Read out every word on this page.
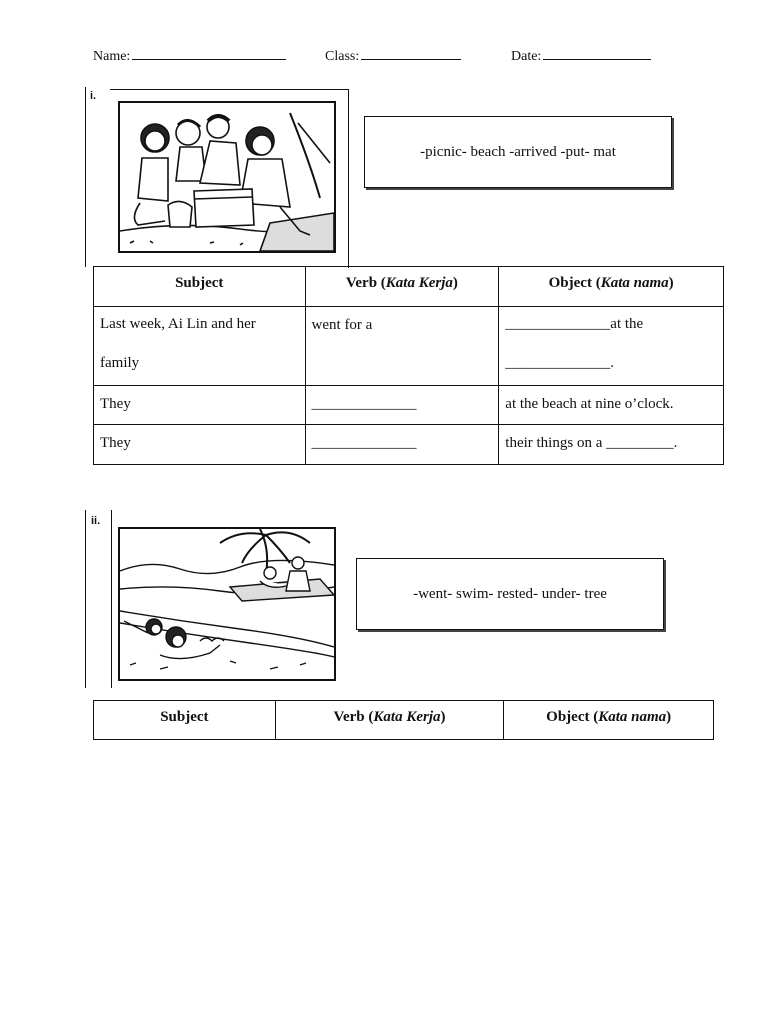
Name:	Class:	Date:
i.
-picnic- beach -arrived -put- mat
Subject	Verb (Kata Kerja)	Object (Kata nama)

Last week, Ai Lin and her
family	went for a	______________at the
______________.

They	______________	at the beach at nine o’clock.
They	______________	their things on a _________.
ii.
-went- swim- rested- under- tree
Subject	Verb (Kata Kerja)	Object (Kata nama)
